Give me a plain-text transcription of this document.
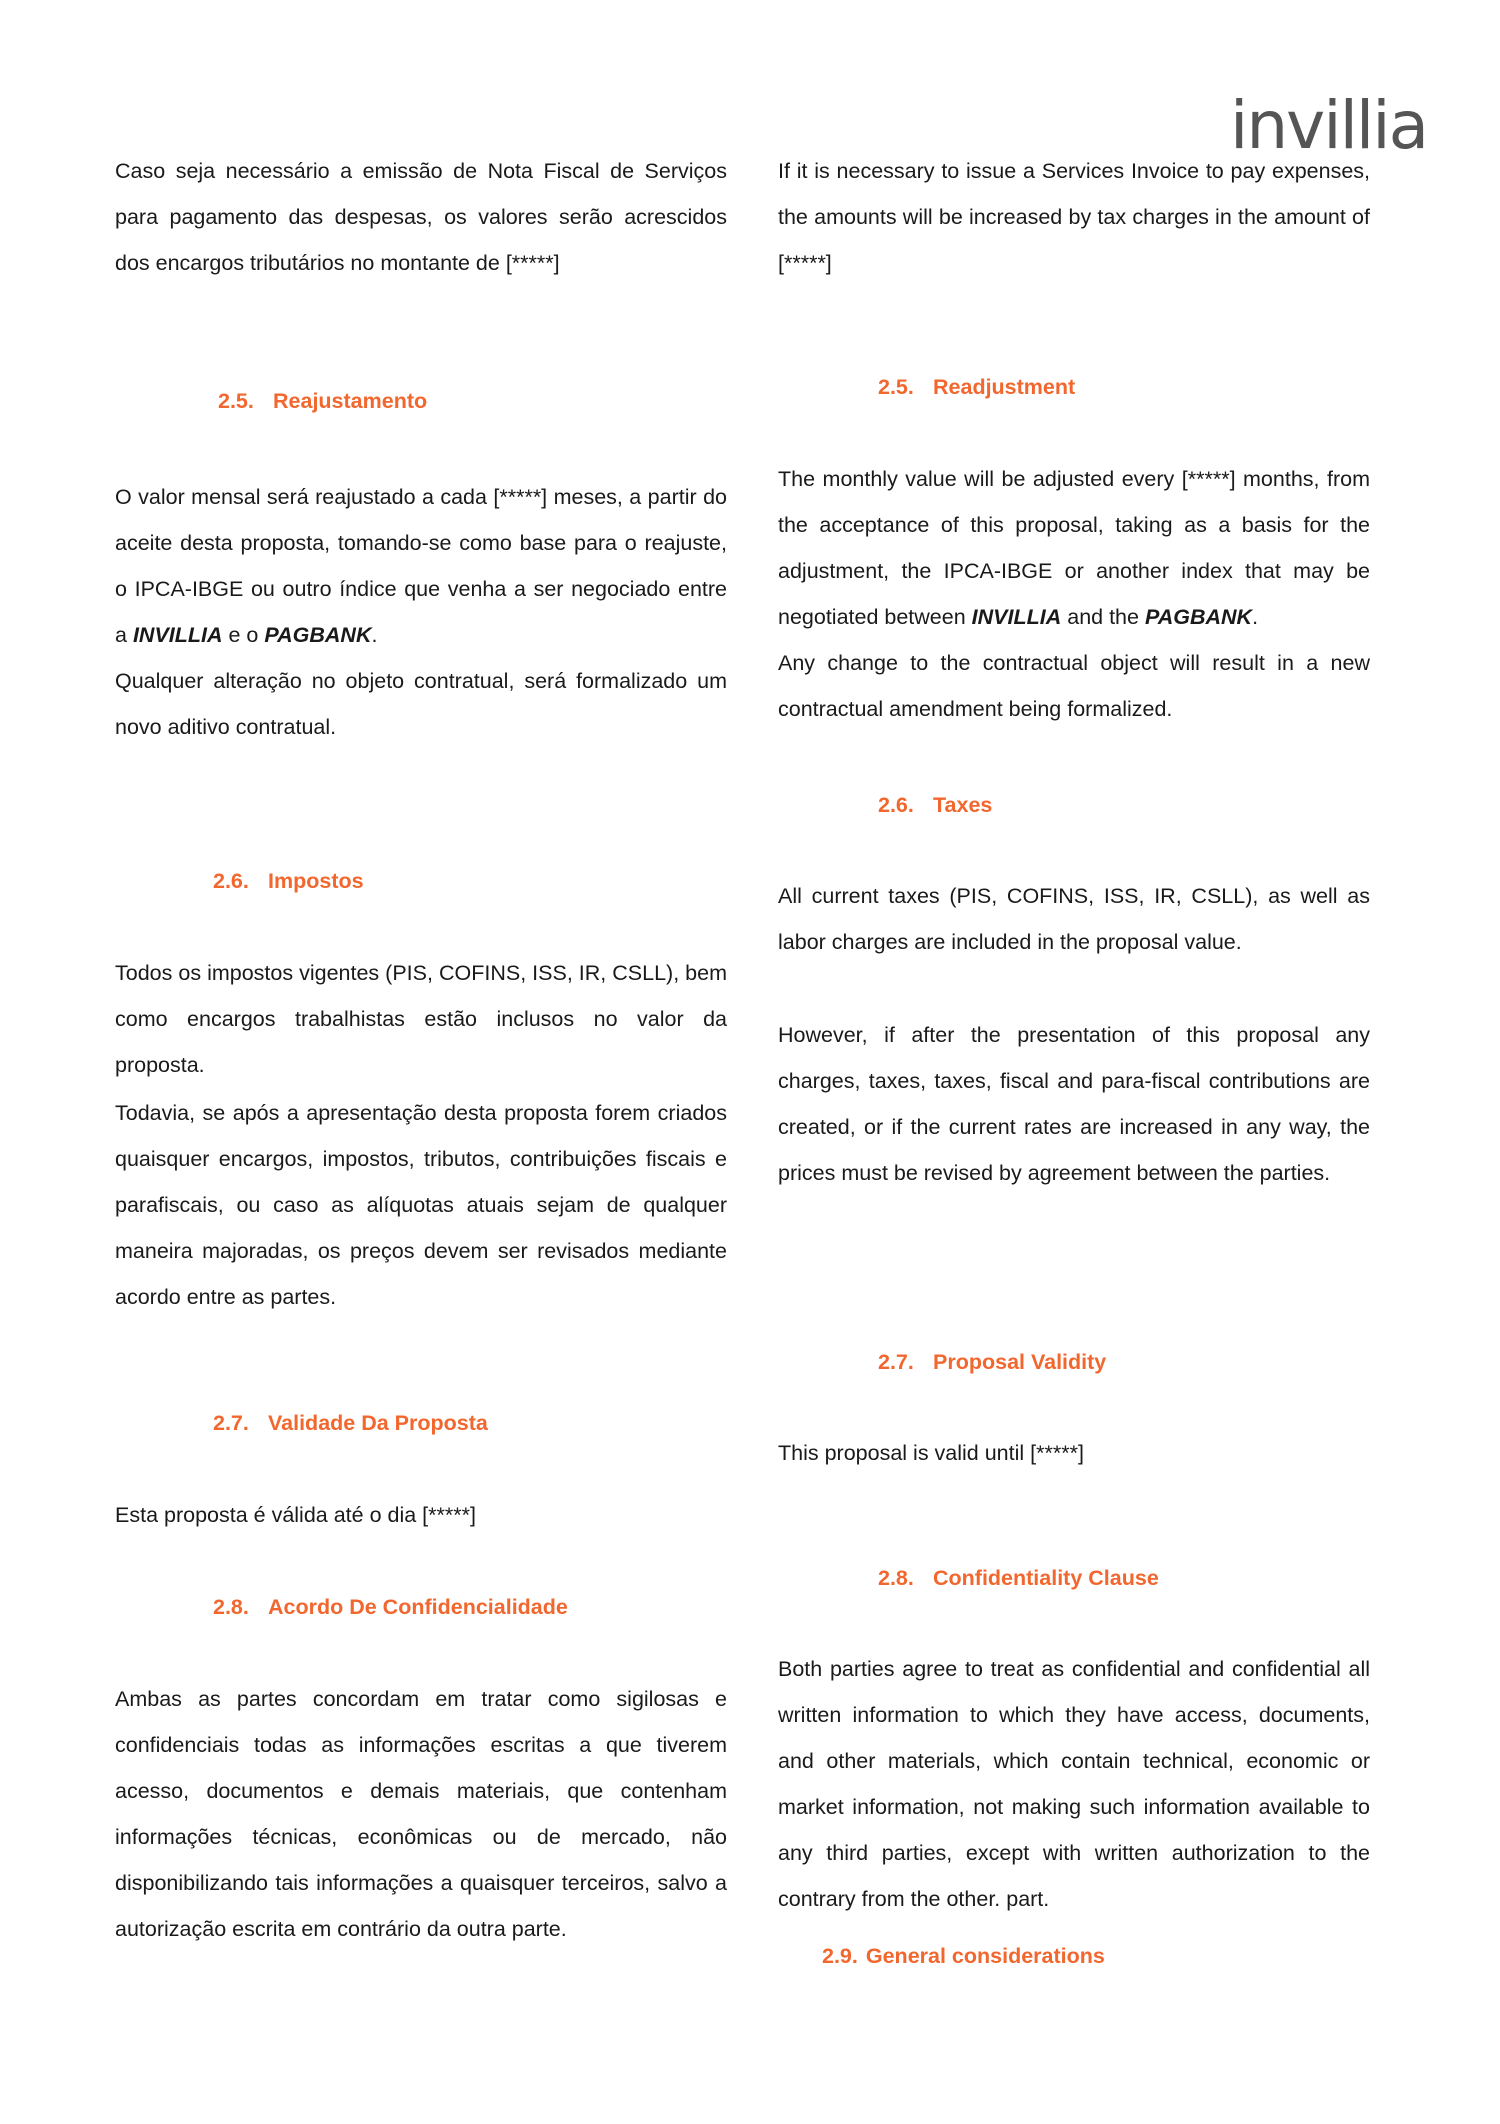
invillia

Caso seja necessário a emissão de Nota Fiscal de Serviços para pagamento das despesas, os valores serão acrescidos dos encargos tributários no montante de [*****]

2.5. Reajustamento

O valor mensal será reajustado a cada [*****] meses, a partir do aceite desta proposta, tomando-se como base para o reajuste, o IPCA-IBGE ou outro índice que venha a ser negociado entre a INVILLIA e o PAGBANK.

Qualquer alteração no objeto contratual, será formalizado um novo aditivo contratual.

2.6. Impostos

Todos os impostos vigentes (PIS, COFINS, ISS, IR, CSLL), bem como encargos trabalhistas estão inclusos no valor da proposta.

Todavia, se após a apresentação desta proposta forem criados quaisquer encargos, impostos, tributos, contribuições fiscais e parafiscais, ou caso as alíquotas atuais sejam de qualquer maneira majoradas, os preços devem ser revisados mediante acordo entre as partes.

2.7. Validade Da Proposta

Esta proposta é válida até o dia [*****]

2.8. Acordo De Confidencialidade

Ambas as partes concordam em tratar como sigilosas e confidenciais todas as informações escritas a que tiverem acesso, documentos e demais materiais, que contenham informações técnicas, econômicas ou de mercado, não disponibilizando tais informações a quaisquer terceiros, salvo a autorização escrita em contrário da outra parte.

If it is necessary to issue a Services Invoice to pay expenses, the amounts will be increased by tax charges in the amount of [*****]

2.5. Readjustment

The monthly value will be adjusted every [*****] months, from the acceptance of this proposal, taking as a basis for the adjustment, the IPCA-IBGE or another index that may be negotiated between INVILLIA and the PAGBANK.

Any change to the contractual object will result in a new contractual amendment being formalized.

2.6. Taxes

All current taxes (PIS, COFINS, ISS, IR, CSLL), as well as labor charges are included in the proposal value.

However, if after the presentation of this proposal any charges, taxes, taxes, fiscal and para-fiscal contributions are created, or if the current rates are increased in any way, the prices must be revised by agreement between the parties.

2.7. Proposal Validity

This proposal is valid until [*****]

2.8. Confidentiality Clause

Both parties agree to treat as confidential and confidential all written information to which they have access, documents, and other materials, which contain technical, economic or market information, not making such information available to any third parties, except with written authorization to the contrary from the other. part.

2.9. General considerations
